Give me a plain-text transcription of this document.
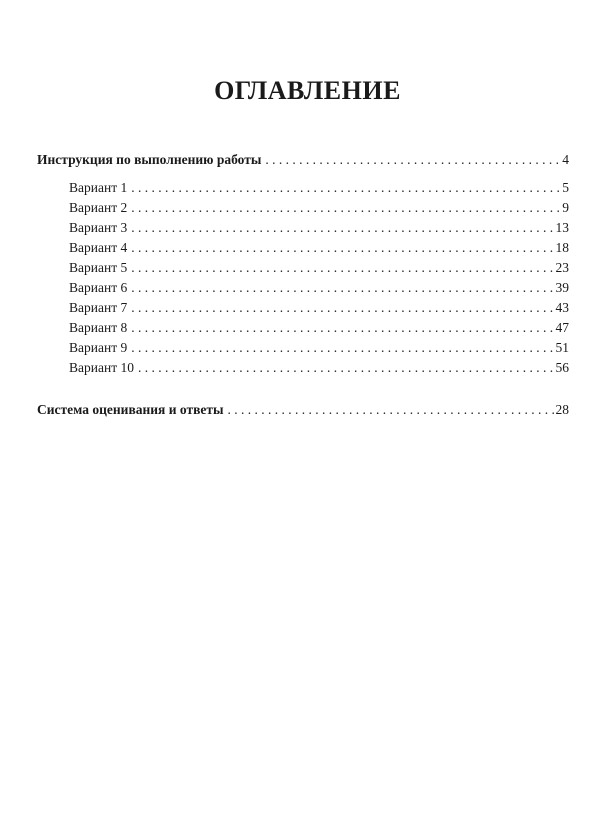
ОГЛАВЛЕНИЕ
Инструкция по выполнению работы . . .	4
Вариант 1 . . .	5
Вариант 2 . . .	9
Вариант 3 . . .	13
Вариант 4 . . .	18
Вариант 5 . . .	23
Вариант 6 . . .	39
Вариант 7 . . .	43
Вариант 8 . . .	47
Вариант 9 . . .	51
Вариант 10 . . .	56
Система оценивания и ответы . . .	28
